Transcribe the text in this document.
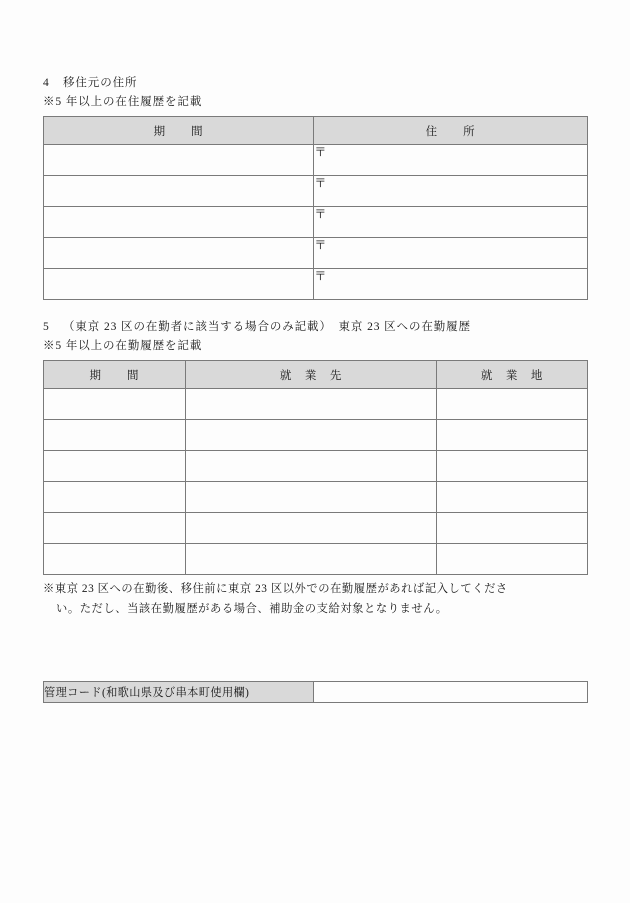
4 移住元の住所

※5 年以上の在住履歴を記載

期　　間	住　　所
	〒
	〒
	〒
	〒
	〒

5 （東京 23 区の在勤者に該当する場合のみ記載）　東京 23 区への在勤履歴

※5 年以上の在勤履歴を記載

期　　間	就　業　先	就　業　地

※東京 23 区への在勤後、移住前に東京 23 区以外での在勤履歴があれば記入してくださ
い。ただし、当該在勤履歴がある場合、補助金の支給対象となりません。

管理コード(和歌山県及び串本町使用欄)	
